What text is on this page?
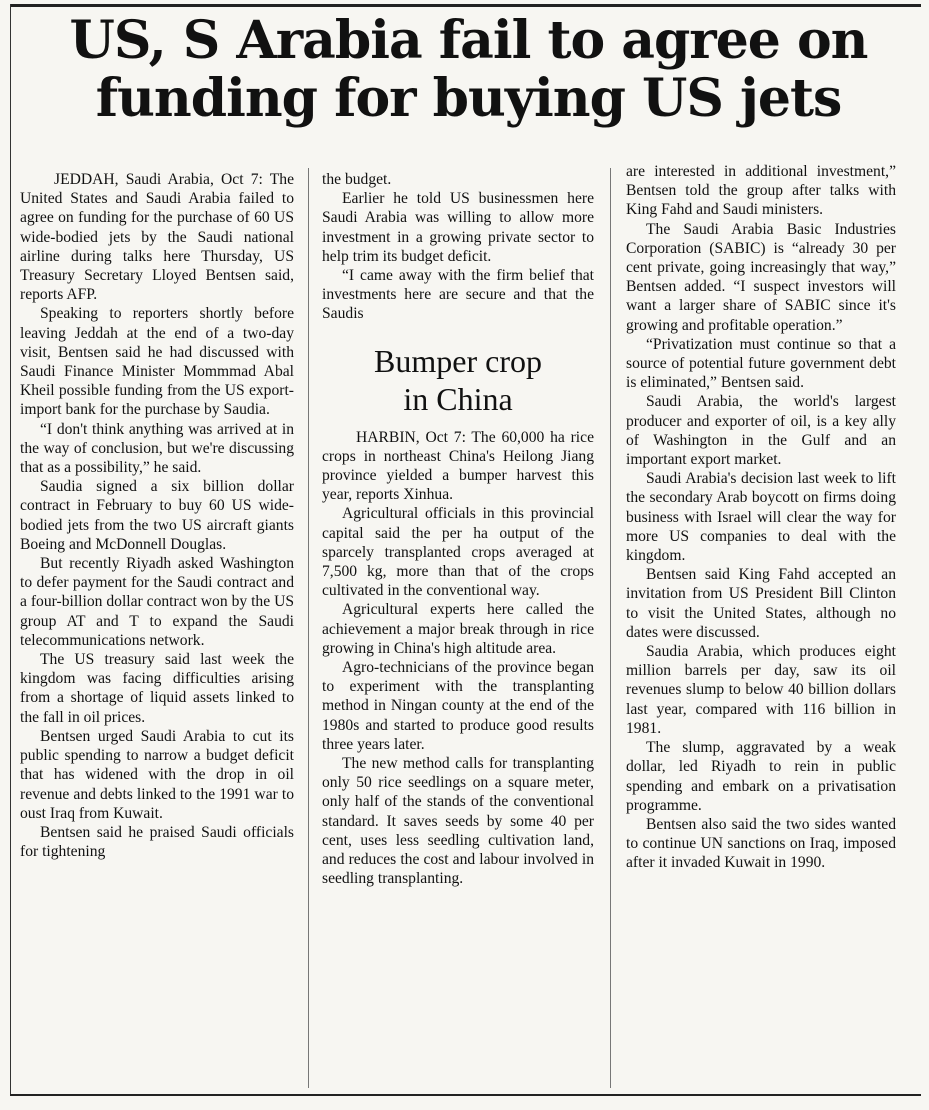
US, S Arabia fail to agree on funding for buying US jets

JEDDAH, Saudi Arabia, Oct 7: The United States and Saudi Arabia failed to agree on funding for the purchase of 60 US wide-bodied jets by the Saudi national airline during talks here Thursday, US Treasury Secretary Lloyed Bentsen said, reports AFP.

Speaking to reporters shortly before leaving Jeddah at the end of a two-day visit, Bentsen said he had discussed with Saudi Finance Minister Mommmad Abal Kheil possible funding from the US export-import bank for the purchase by Saudia.

“I don't think anything was arrived at in the way of conclusion, but we're discussing that as a possibility,” he said.

Saudia signed a six billion dollar contract in February to buy 60 US wide-bodied jets from the two US aircraft giants Boeing and McDonnell Douglas.

But recently Riyadh asked Washington to defer payment for the Saudi contract and a four-billion dollar contract won by the US group AT and T to expand the Saudi telecommunications network.

The US treasury said last week the kingdom was facing difficulties arising from a shortage of liquid assets linked to the fall in oil prices.

Bentsen urged Saudi Arabia to cut its public spending to narrow a budget deficit that has widened with the drop in oil revenue and debts linked to the 1991 war to oust Iraq from Kuwait.

Bentsen said he praised Saudi officials for tightening

the budget.

Earlier he told US businessmen here Saudi Arabia was willing to allow more investment in a growing private sector to help trim its budget deficit.

“I came away with the firm belief that investments here are secure and that the Saudis

Bumper crop
in China

HARBIN, Oct 7: The 60,000 ha rice crops in northeast China's Heilong Jiang province yielded a bumper harvest this year, reports Xinhua.

Agricultural officials in this provincial capital said the per ha output of the sparcely transplanted crops averaged at 7,500 kg, more than that of the crops cultivated in the conventional way.

Agricultural experts here called the achievement a major break through in rice growing in China's high altitude area.

Agro-technicians of the province began to experiment with the transplanting method in Ningan county at the end of the 1980s and started to produce good results three years later.

The new method calls for transplanting only 50 rice seedlings on a square meter, only half of the stands of the conventional standard. It saves seeds by some 40 per cent, uses less seedling cultivation land, and reduces the cost and labour involved in seedling transplanting.

are interested in additional investment,” Bentsen told the group after talks with King Fahd and Saudi ministers.

The Saudi Arabia Basic Industries Corporation (SABIC) is “already 30 per cent private, going increasingly that way,” Bentsen added. “I suspect investors will want a larger share of SABIC since it's growing and profitable operation.”

“Privatization must continue so that a source of potential future government debt is eliminated,” Bentsen said.

Saudi Arabia, the world's largest producer and exporter of oil, is a key ally of Washington in the Gulf and an important export market.

Saudi Arabia's decision last week to lift the secondary Arab boycott on firms doing business with Israel will clear the way for more US companies to deal with the kingdom.

Bentsen said King Fahd accepted an invitation from US President Bill Clinton to visit the United States, although no dates were discussed.

Saudia Arabia, which produces eight million barrels per day, saw its oil revenues slump to below 40 billion dollars last year, compared with 116 billion in 1981.

The slump, aggravated by a weak dollar, led Riyadh to rein in public spending and embark on a privatisation programme.

Bentsen also said the two sides wanted to continue UN sanctions on Iraq, imposed after it invaded Kuwait in 1990.
